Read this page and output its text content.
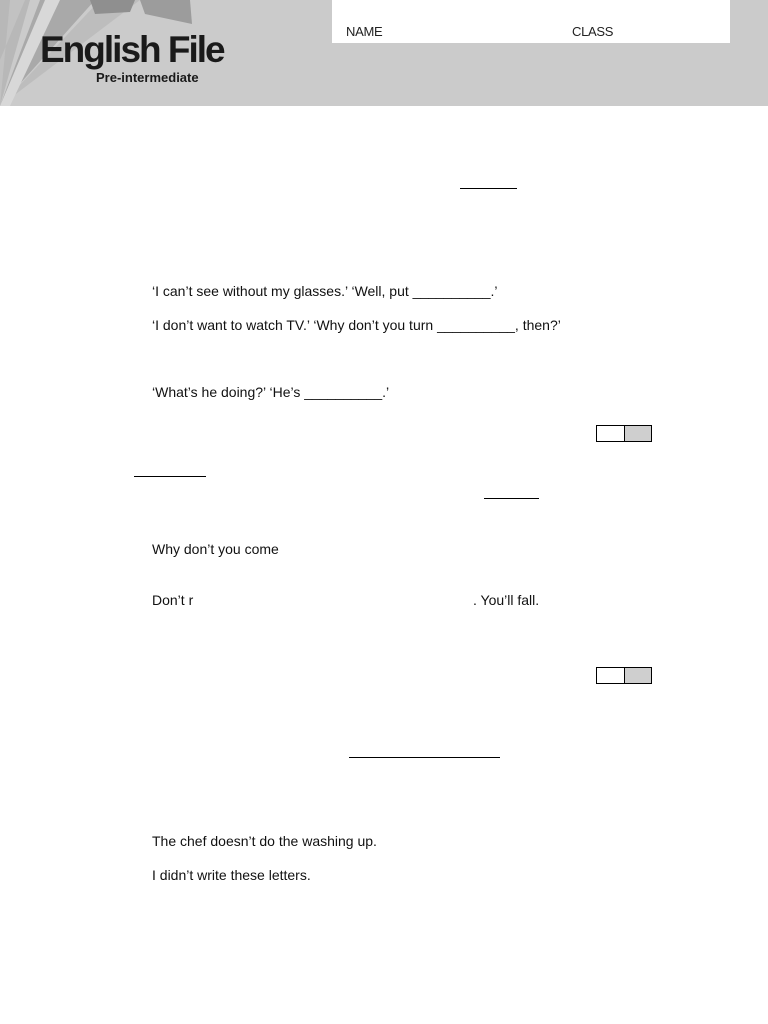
English File
Pre-intermediate
NAME	CLASS
‘I can’t see without my glasses.’ ‘Well, put __________.’
‘I don’t want to watch TV.’ ‘Why don’t you turn __________, then?’
‘What’s he doing?’ ‘He’s __________.’
Why don’t you come
Don’t r	. You’ll fall.
The chef doesn’t do the washing up.
I didn’t write these letters.
